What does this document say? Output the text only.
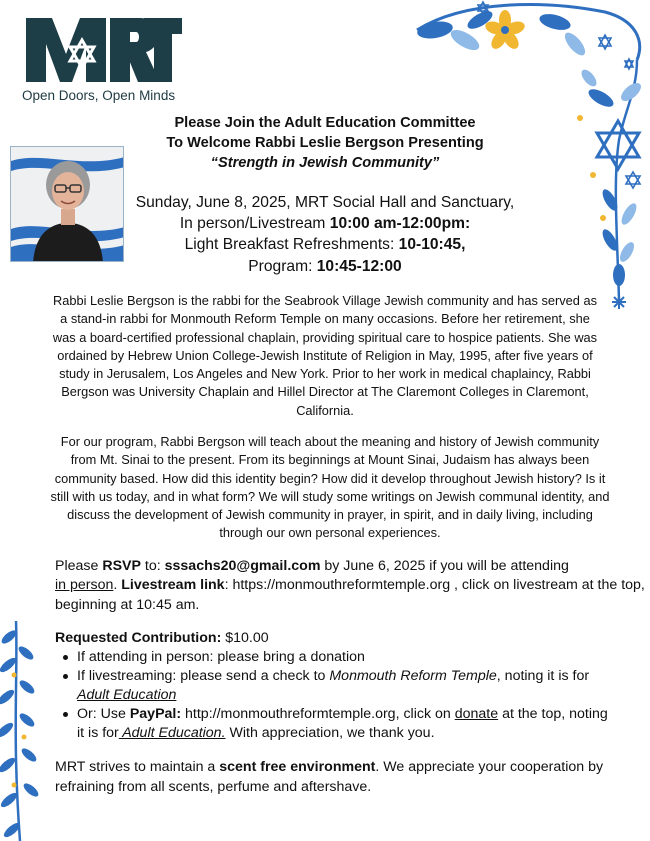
Open Doors, Open Minds
Please Join the Adult Education Committee
To Welcome Rabbi Leslie Bergson Presenting
“Strength in Jewish Community”
Sunday, June 8, 2025, MRT Social Hall and Sanctuary,
In person/Livestream 10:00 am-12:00pm:
Light Breakfast Refreshments: 10-10:45,
Program: 10:45-12:00

Rabbi Leslie Bergson is the rabbi for the Seabrook Village Jewish community and has served as a stand-in rabbi for Monmouth Reform Temple on many occasions. Before her retirement, she was a board-certified professional chaplain, providing spiritual care to hospice patients. She was ordained by Hebrew Union College-Jewish Institute of Religion in May, 1995, after five years of study in Jerusalem, Los Angeles and New York. Prior to her work in medical chaplaincy, Rabbi Bergson was University Chaplain and Hillel Director at The Claremont Colleges in Claremont, California.

For our program, Rabbi Bergson will teach about the meaning and history of Jewish community from Mt. Sinai to the present. From its beginnings at Mount Sinai, Judaism has always been community based. How did this identity begin? How did it develop throughout Jewish history? Is it still with us today, and in what form? We will study some writings on Jewish communal identity, and discuss the development of Jewish community in prayer, in spirit, and in daily living, including through our own personal experiences.

Please RSVP to: sssachs20@gmail.com by June 6, 2025 if you will be attending
in person. Livestream link: https://monmouthreformtemple.org , click on livestream at the top, beginning at 10:45 am.

Requested Contribution: $10.00

If attending in person: please bring a donation
If livestreaming: please send a check to Monmouth Reform Temple, noting it is for Adult Education
Or: Use PayPal: http://monmouthreformtemple.org, click on donate at the top, noting it is for Adult Education. With appreciation, we thank you.

MRT strives to maintain a scent free environment. We appreciate your cooperation by refraining from all scents, perfume and aftershave.
